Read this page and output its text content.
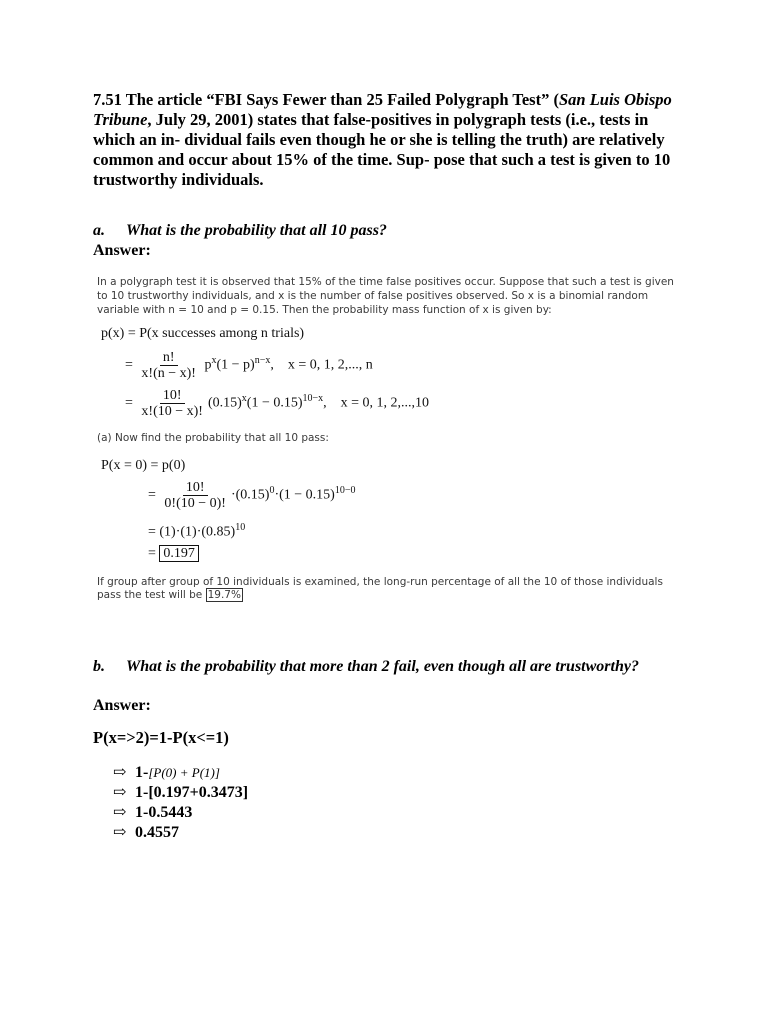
7.51 The article “FBI Says Fewer than 25 Failed Polygraph Test” (San Luis Obispo Tribune, July 29, 2001) states that false-positives in polygraph tests (i.e., tests in which an in- dividual fails even though he or she is telling the truth) are relatively common and occur about 15% of the time. Sup- pose that such a test is given to 10 trustworthy individuals.
a. What is the probability that all 10 pass?
Answer:
In a polygraph test it is observed that 15% of the time false positives occur. Suppose that such a test is given to 10 trustworthy individuals, and x is the number of false positives observed. So x is a binomial random variable with n = 10 and p = 0.15. Then the probability mass function of x is given by:
p(x) = P(x successes among n trials)
= $\frac{n!}{x!(n - x)!} p^x(1 - p)^{n-x}$,    x = 0, 1, 2,..., n
= $\frac{10!}{x!(10 - x)!} (0.15)^x(1 - 0.15)^{10-x}$,    x = 0, 1, 2,...,10
(a) Now find the probability that all 10 pass:
P(x = 0) = p(0)
= $\frac{10!}{0!(10 - 0)!} \cdot(0.15)^0\cdot(1 - 0.15)^{10-0}$
= $(1)\cdot(1)\cdot(0.85)^{10}$
= 0.197
If group after group of 10 individuals is examined, the long-run percentage of all the 10 of those individuals pass the test will be 19.7%
b. What is the probability that more than 2 fail, even though all are trustworthy?
Answer:
P(x=>2)=1-P(x<=1)
⇨ 1- [P(0) + P(1)]
⇨ 1-[0.197+0.3473]
⇨ 1-0.5443
⇨ 0.4557
